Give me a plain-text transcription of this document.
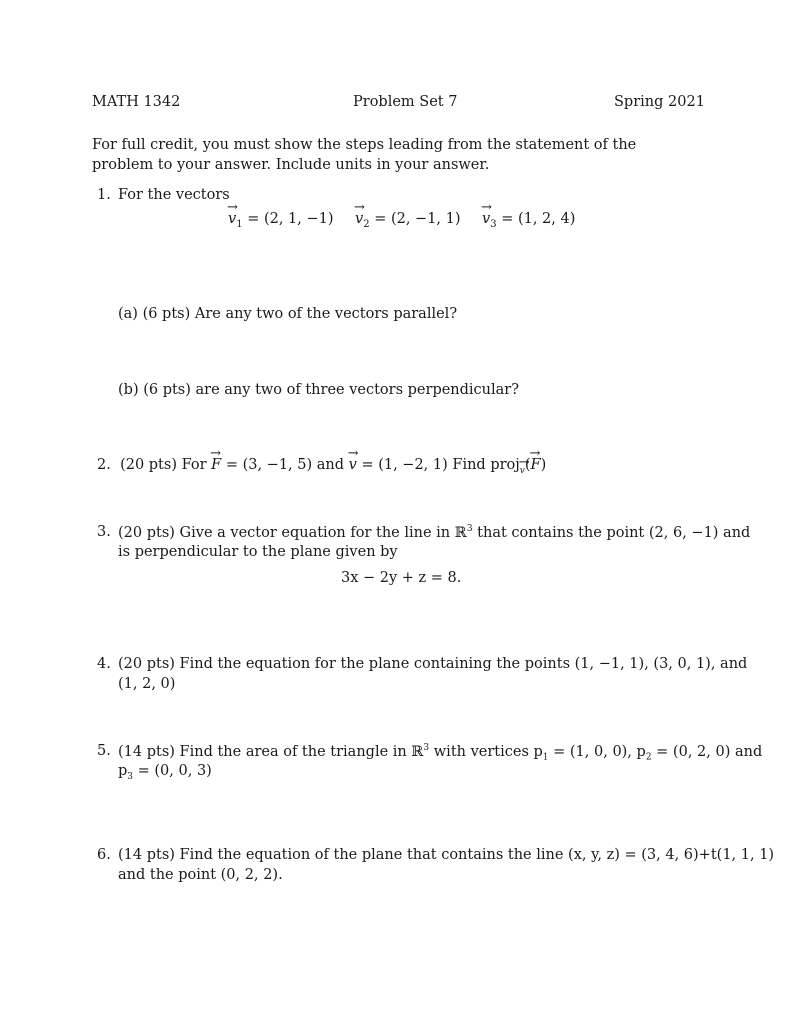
MATH 1342	Problem Set 7	Spring 2021
For full credit, you must show the steps leading from the statement of the problem to your answer. Include units in your answer.
1. For the vectors
→ $v_1 = (2$, 1, −1)
→ $v_2 = (2$, −1, 1)
→ $v_3 = (1$, 2, 4)
(a) (6 pts) Are any two of the vectors parallel?
(b) (6 pts) are any two of three vectors perpendicular?
2. (20 pts) For → F = (3, −1, 5) and → v = (1, −2, 1) Find proj→ $_v$(→ F)
3. (20 pts) Give a vector equation for the line in ℝ$^3$ that contains the point (2, 6, −1) and
is perpendicular to the plane given by
3x − 2y + z = 8.
4. (20 pts) Find the equation for the plane containing the points (1, −1, 1), (3, 0, 1), and
(1, 2, 0)
5. (14 pts) Find the area of the triangle in ℝ$^3$ with vertices $p_1 = (1$, 0, 0), $p_2 = (0$, 2, 0) and
$p_3 = (0$, 0, 3)
6. (14 pts) Find the equation of the plane that contains the line (x, y, z) = (3, 4, 6)+t(1, 1, 1)
and the point (0, 2, 2).
